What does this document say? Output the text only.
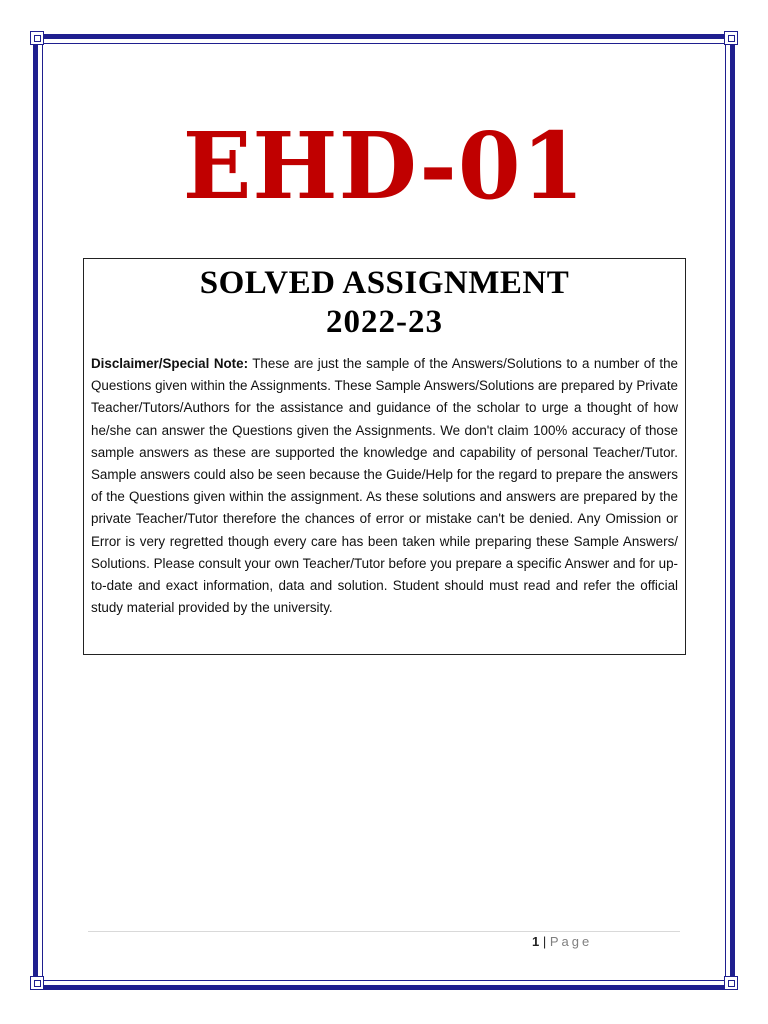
EHD-01
SOLVED ASSIGNMENT
2022-23
Disclaimer/Special Note: These are just the sample of the Answers/Solutions to a number of the Questions given within the Assignments. These Sample Answers/Solutions are prepared by Private Teacher/Tutors/Authors for the assistance and guidance of the scholar to urge a thought of how he/she can answer the Questions given the Assignments. We don't claim 100% accuracy of those sample answers as these are supported the knowledge and capability of personal Teacher/Tutor. Sample answers could also be seen because the Guide/Help for the regard to prepare the answers of the Questions given within the assignment. As these solutions and answers are prepared by the private Teacher/Tutor therefore the chances of error or mistake can't be denied. Any Omission or Error is very regretted though every care has been taken while preparing these Sample Answers/ Solutions. Please consult your own Teacher/Tutor before you prepare a specific Answer and for up-to-date and exact information, data and solution. Student should must read and refer the official study material provided by the university.
1 | Page
